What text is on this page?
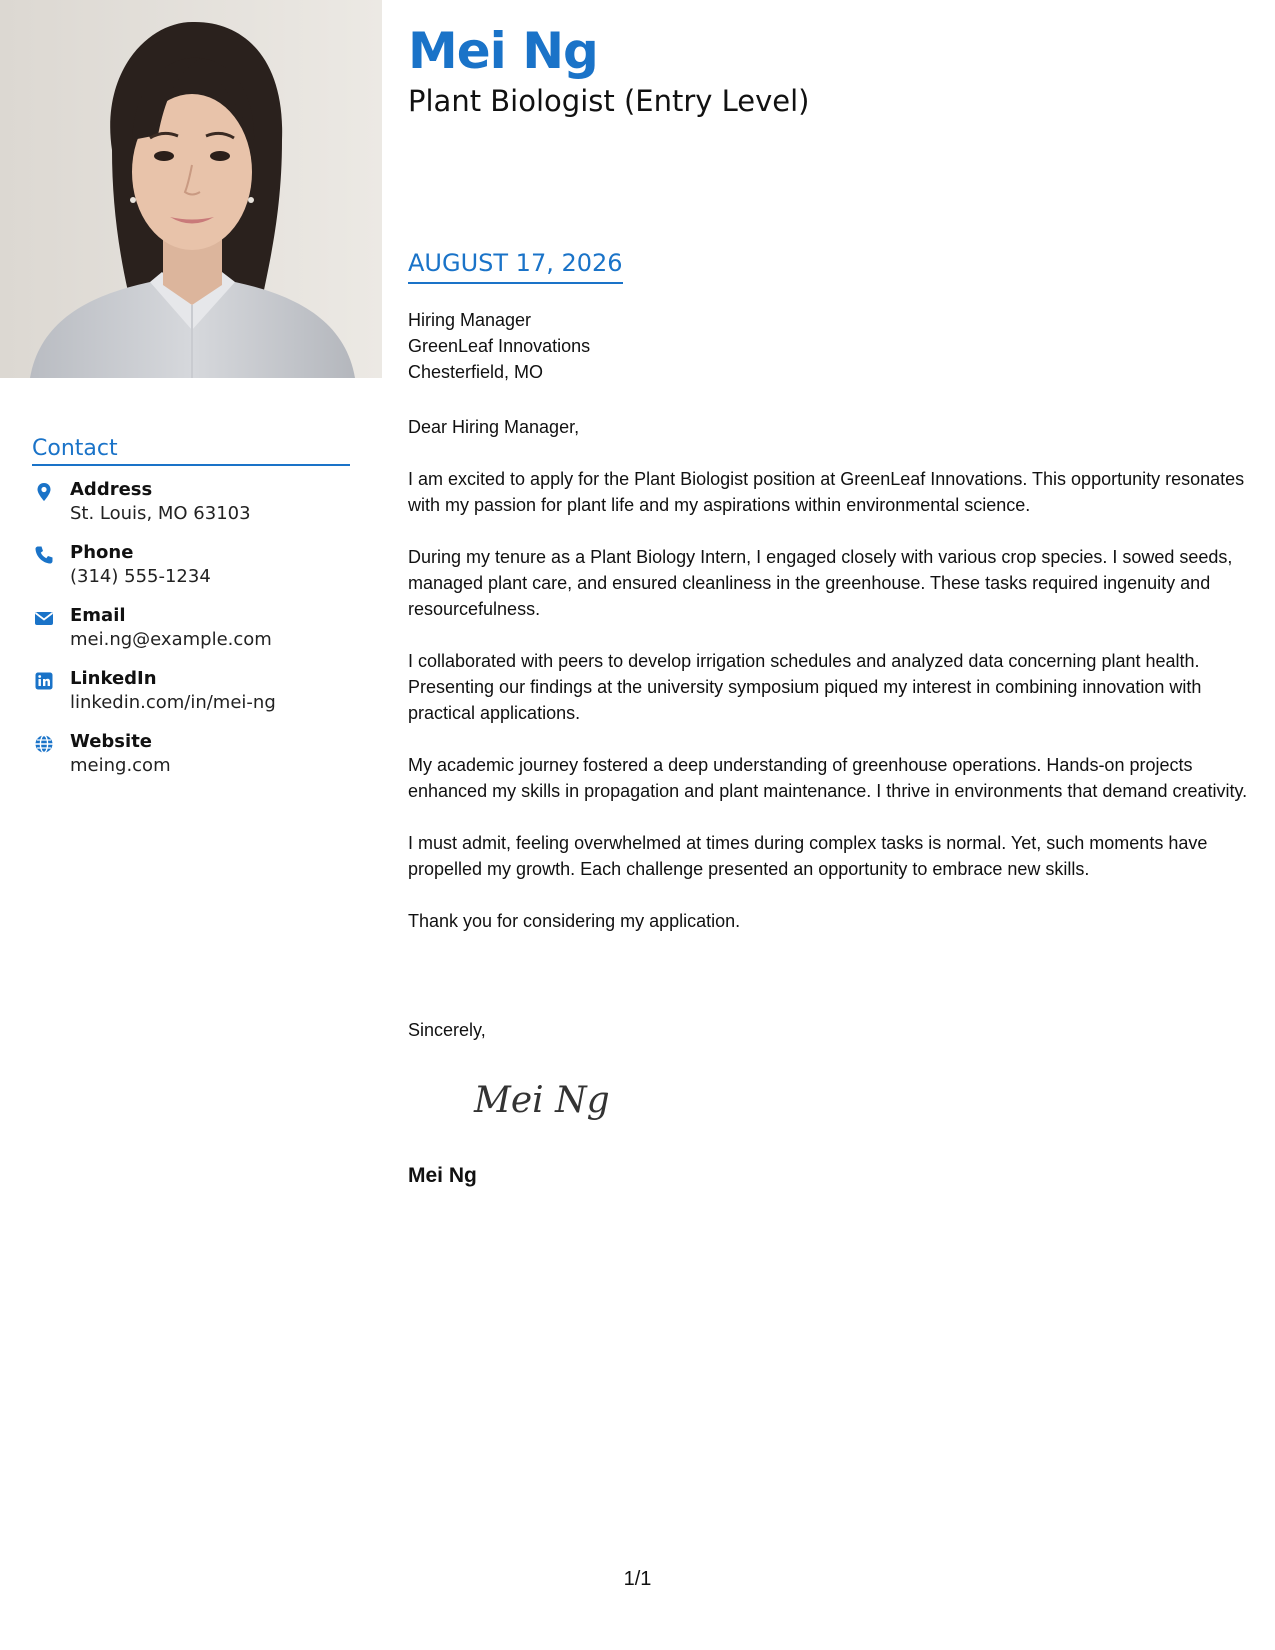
Contact
Address
St. Louis, MO 63103
Phone
(314) 555-1234
Email
mei.ng@example.com
LinkedIn
linkedin.com/in/mei-ng
Website
meing.com
Mei Ng
Plant Biologist (Entry Level)
AUGUST 17, 2026
Hiring Manager
GreenLeaf Innovations
Chesterfield, MO

Dear Hiring Manager,

I am excited to apply for the Plant Biologist position at GreenLeaf Innovations. This opportunity resonates with my passion for plant life and my aspirations within environmental science.

During my tenure as a Plant Biology Intern, I engaged closely with various crop species. I sowed seeds, managed plant care, and ensured cleanliness in the greenhouse. These tasks required ingenuity and resourcefulness.

I collaborated with peers to develop irrigation schedules and analyzed data concerning plant health. Presenting our findings at the university symposium piqued my interest in combining innovation with practical applications.

My academic journey fostered a deep understanding of greenhouse operations. Hands-on projects enhanced my skills in propagation and plant maintenance. I thrive in environments that demand creativity.

I must admit, feeling overwhelmed at times during complex tasks is normal. Yet, such moments have propelled my growth. Each challenge presented an opportunity to embrace new skills.

Thank you for considering my application.

Sincerely,
Mei Ng
Mei Ng
1/1
